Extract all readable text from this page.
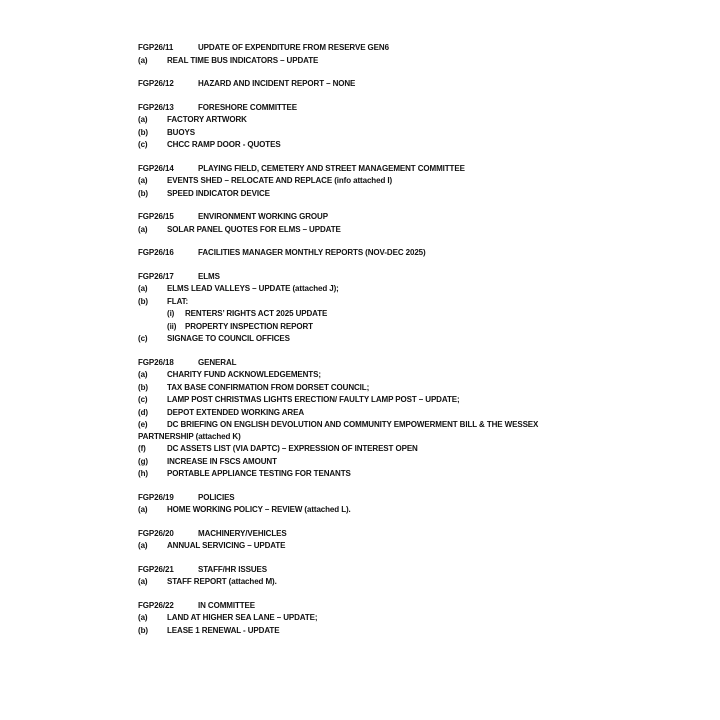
FGP26/11	UPDATE OF EXPENDITURE FROM RESERVE GEN6
(a)	REAL TIME BUS INDICATORS – UPDATE
FGP26/12	HAZARD AND INCIDENT REPORT – NONE
FGP26/13	FORESHORE COMMITTEE
(a)	FACTORY ARTWORK
(b)	BUOYS
(c)	CHCC RAMP DOOR - QUOTES
FGP26/14	PLAYING FIELD, CEMETERY AND STREET MANAGEMENT COMMITTEE
(a)	EVENTS SHED – RELOCATE AND REPLACE (info attached I)
(b)	SPEED INDICATOR DEVICE
FGP26/15	ENVIRONMENT WORKING GROUP
(a)	SOLAR PANEL QUOTES FOR ELMS – UPDATE
FGP26/16	FACILITIES MANAGER MONTHLY REPORTS (NOV-DEC 2025)
FGP26/17	ELMS
(a)	ELMS LEAD VALLEYS – UPDATE (attached J);
(b)	FLAT:
(i)	RENTERS’ RIGHTS ACT 2025 UPDATE
(ii)	PROPERTY INSPECTION REPORT
(c)	SIGNAGE TO COUNCIL OFFICES
FGP26/18	GENERAL
(a)	CHARITY FUND ACKNOWLEDGEMENTS;
(b)	TAX BASE CONFIRMATION FROM DORSET COUNCIL;
(c)	LAMP POST CHRISTMAS LIGHTS ERECTION/ FAULTY LAMP POST – UPDATE;
(d)	DEPOT EXTENDED WORKING AREA
(e) DC BRIEFING ON ENGLISH DEVOLUTION AND COMMUNITY EMPOWERMENT BILL & THE WESSEX PARTNERSHIP (attached K)
(f)	DC ASSETS LIST (VIA DAPTC) – EXPRESSION OF INTEREST OPEN
(g)	INCREASE IN FSCS AMOUNT
(h)	PORTABLE APPLIANCE TESTING FOR TENANTS
FGP26/19	POLICIES
(a)	HOME WORKING POLICY – REVIEW (attached L).
FGP26/20	MACHINERY/VEHICLES
(a)	ANNUAL SERVICING – UPDATE
FGP26/21	STAFF/HR ISSUES
(a)	STAFF REPORT (attached M).
FGP26/22	IN COMMITTEE
(a)	LAND AT HIGHER SEA LANE – UPDATE;
(b)	LEASE 1 RENEWAL - UPDATE
